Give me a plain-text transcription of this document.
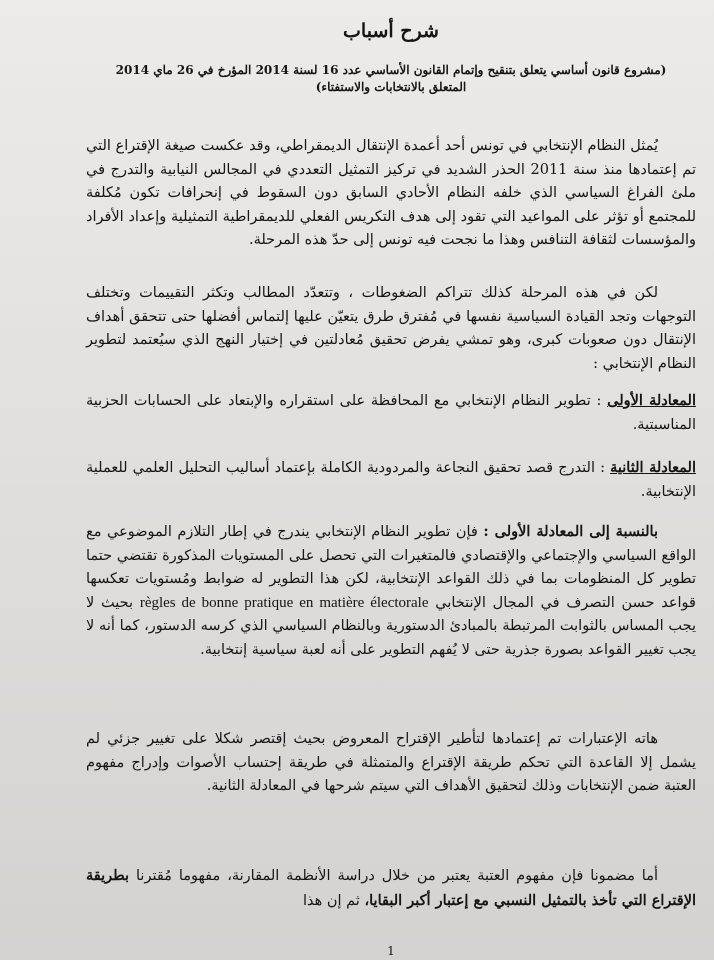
شرح أسباب
(مشروع قانون أساسي يتعلق بتنقيح وإتمام القانون الأساسي عدد 16 لسنة 2014 المؤرخ في 26 ماي 2014
المتعلق بالانتخابات والاستفتاء)

يُمثل النظام الإنتخابي في تونس أحد أعمدة الإنتقال الديمقراطي، وقد عكست صيغة الإقتراع التي تم إعتمادها منذ سنة 2011 الحذر الشديد في تركيز التمثيل التعددي في المجالس النيابية والتدرج في ملئ الفراغ السياسي الذي خلفه النظام الأحادي السابق دون السقوط في إنحرافات تكون مُكلفة للمجتمع أو تؤثر على المواعيد التي تقود إلى هدف التكريس الفعلي للديمقراطية التمثيلية وإعداد الأفراد والمؤسسات لثقافة التنافس وهذا ما نجحت فيه تونس إلى حدّ هذه المرحلة.

لكن في هذه المرحلة كذلك تتراكم الضغوطات ، وتتعدّد المطالب وتكثر التقييمات وتختلف التوجهات وتجد القيادة السياسية نفسها في مُفترق طرق يتعيّن عليها إلتماس أفضلها حتى تتحقق أهداف الإنتقال دون صعوبات كبرى، وهو تمشي يفرض تحقيق مُعادلتين في إختيار النهج الذي سيُعتمد لتطوير النظام الإنتخابي :

المعادلة الأولى : تطوير النظام الإنتخابي مع المحافظة على استقراره والإبتعاد على الحسابات الحزبية المناسبتية.

المعادلة الثانية : التدرج قصد تحقيق النجاعة والمردودية الكاملة بإعتماد أساليب التحليل العلمي للعملية الإنتخابية.

بالنسبة إلى المعادلة الأولى : فإن تطوير النظام الإنتخابي يندرج في إطار التلازم الموضوعي مع الواقع السياسي والإجتماعي والإقتصادي فالمتغيرات التي تحصل على المستويات المذكورة تقتضي حتما تطوير كل المنظومات بما في ذلك القواعد الإنتخابية، لكن هذا التطوير له ضوابط ومُستويات تعكسها قواعد حسن التصرف في المجال الإنتخابي règles de bonne pratique en matière électorale بحيث لا يجب المساس بالثوابت المرتبطة بالمبادئ الدستورية وبالنظام السياسي الذي كرسه الدستور، كما أنه لا يجب تغيير القواعد بصورة جذرية حتى لا يُفهم التطوير على أنه لعبة سياسية إنتخابية.

هاته الإعتبارات تم إعتمادها لتأطير الإقتراح المعروض بحيث إقتصر شكلا على تغيير جزئي لم يشمل إلا القاعدة التي تحكم طريقة الإقتراع والمتمثلة في طريقة إحتساب الأصوات وإدراج مفهوم العتبة ضمن الإنتخابات وذلك لتحقيق الأهداف التي سيتم شرحها في المعادلة الثانية.

أما مضمونا فإن مفهوم العتبة يعتبر من خلال دراسة الأنظمة المقارنة، مفهوما مُقترنا بطريقة الإقتراع التي تأخذ بالتمثيل النسبي مع إعتبار أكبر البقايا، ثم إن هذا

1
